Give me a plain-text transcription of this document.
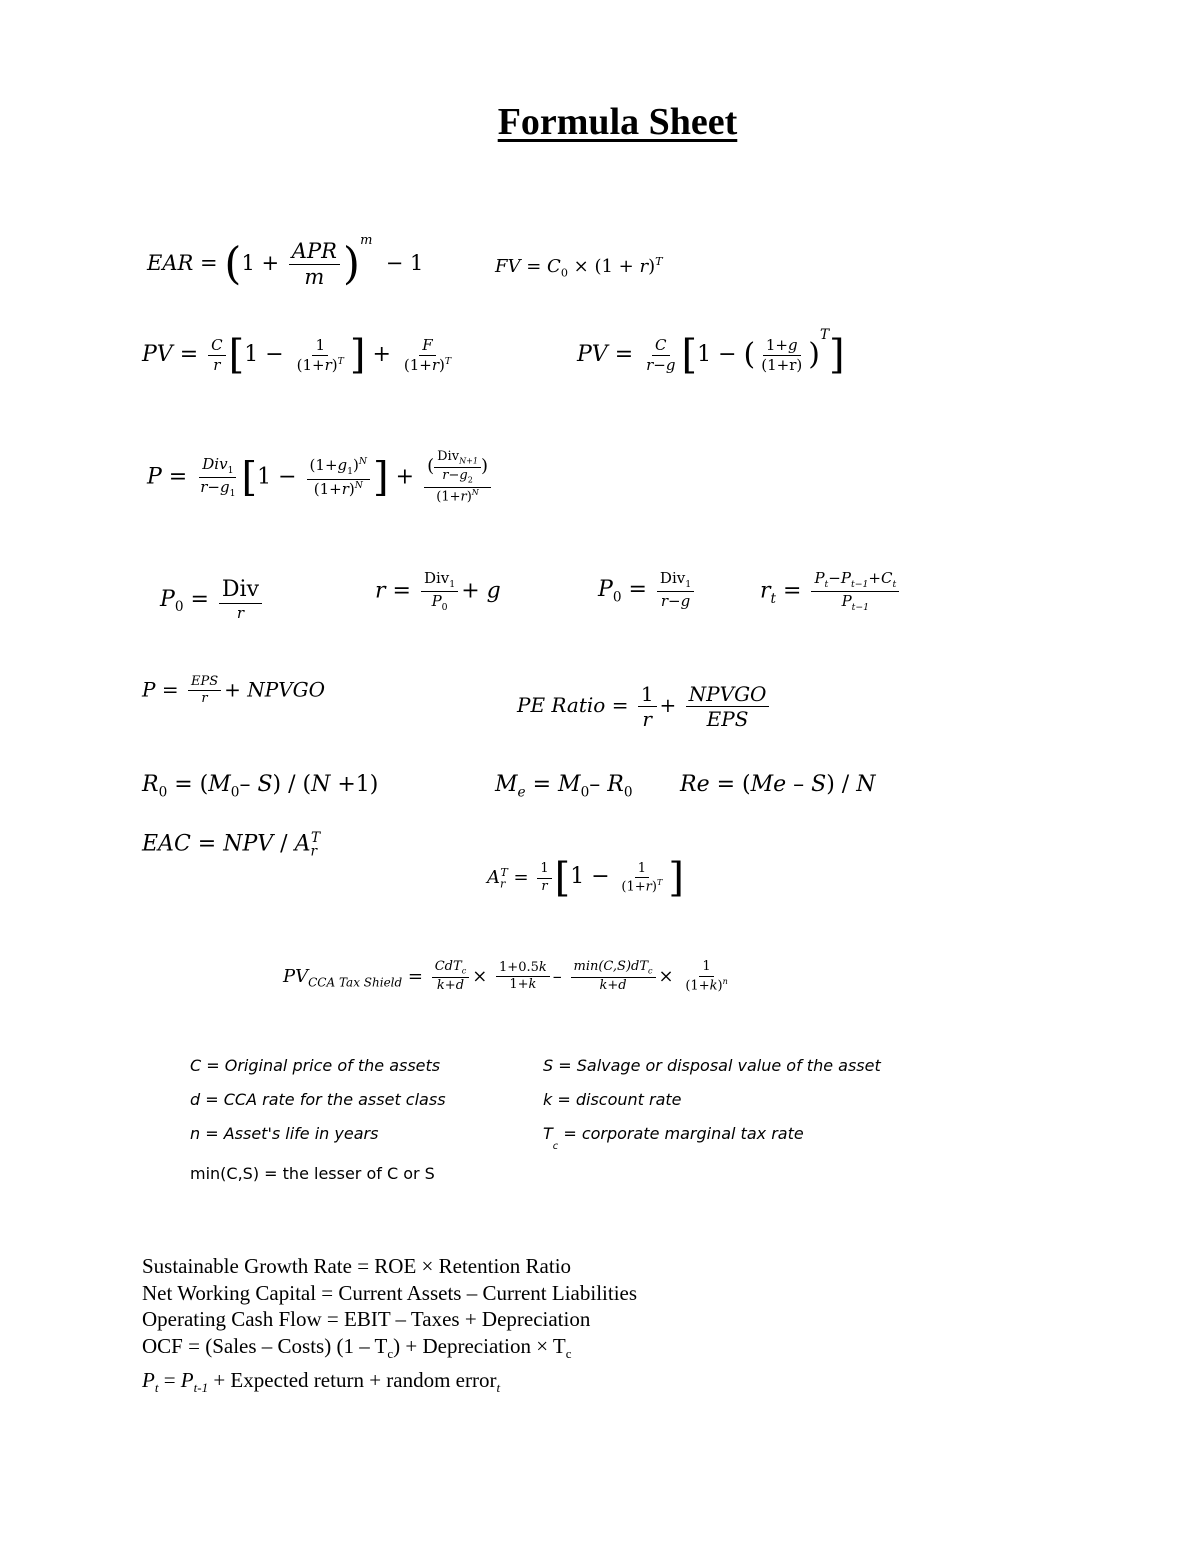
Formula Sheet
EAR = $(1 + \frac{\text{APR}}{m} )^m - 1$	FV = $C_0 \times (1 + r)^T$
PV = $\frac{C}{r} [1 - \frac{1}{(1+r)^T}$ ] + $\frac{F}{(1+r)^T}$	PV = $\frac{C}{r-g} [1$ − ( $\frac{1+g}{(1+r)} )^T$]
$P = \frac{Div_1}{r-g_1} [1 - \frac{(1+g_1)^N}{(1+r)^N}$ ] + $\frac{( \frac{Div_{N+1}}{r-g_2} )}{(1+r)^N}$
$P_0 = \frac{\text{Div}}{r}$	$r = \frac{Div_1}{P_0} + g$	$P_0 = \frac{Div_1}{r-g}$	$r_t = \frac{P_t-P_{t-1}+C_t}{P_{t-1}}$
$P = \frac{\text{EPS}}{r}$ + NPVGO
PE Ratio = $\frac{1}{r} + \frac{\text{NPVGO}}{\text{EPS}}$
$R_0 = (M_0-$ S) / (N +1)	$M_e = M_0-$ $R_0$ Re = (Me – S) / N
EAC = NPV / $A_r^T$
$A_r^T = \frac{1}{r} [1 - \frac{1}{(1+r)^T}$ ]
$PV_{CCA Tax Shield} = \frac{CdT_c}{k+d} \times \frac{1+0.5k}{1+k} - \frac{\min(C,S)dT_c}{k+d} \times \frac{1}{(1+k)^n}$
C = Original price of the assets	S = Salvage or disposal value of the asset
d = CCA rate for the asset class	k = discount rate
n = Asset's life in years	$T_c$ = corporate marginal tax rate
min(C,S) = the lesser of C or S
Sustainable Growth Rate = ROE × Retention Ratio
Net Working Capital = Current Assets – Current Liabilities
Operating Cash Flow = EBIT – Taxes + Depreciation
OCF = (Sales – Costs) $(1 - T_c)$ + Depreciation × $T_c$
$P_t = P_{t-1}$ + Expected return + random error$_t$
